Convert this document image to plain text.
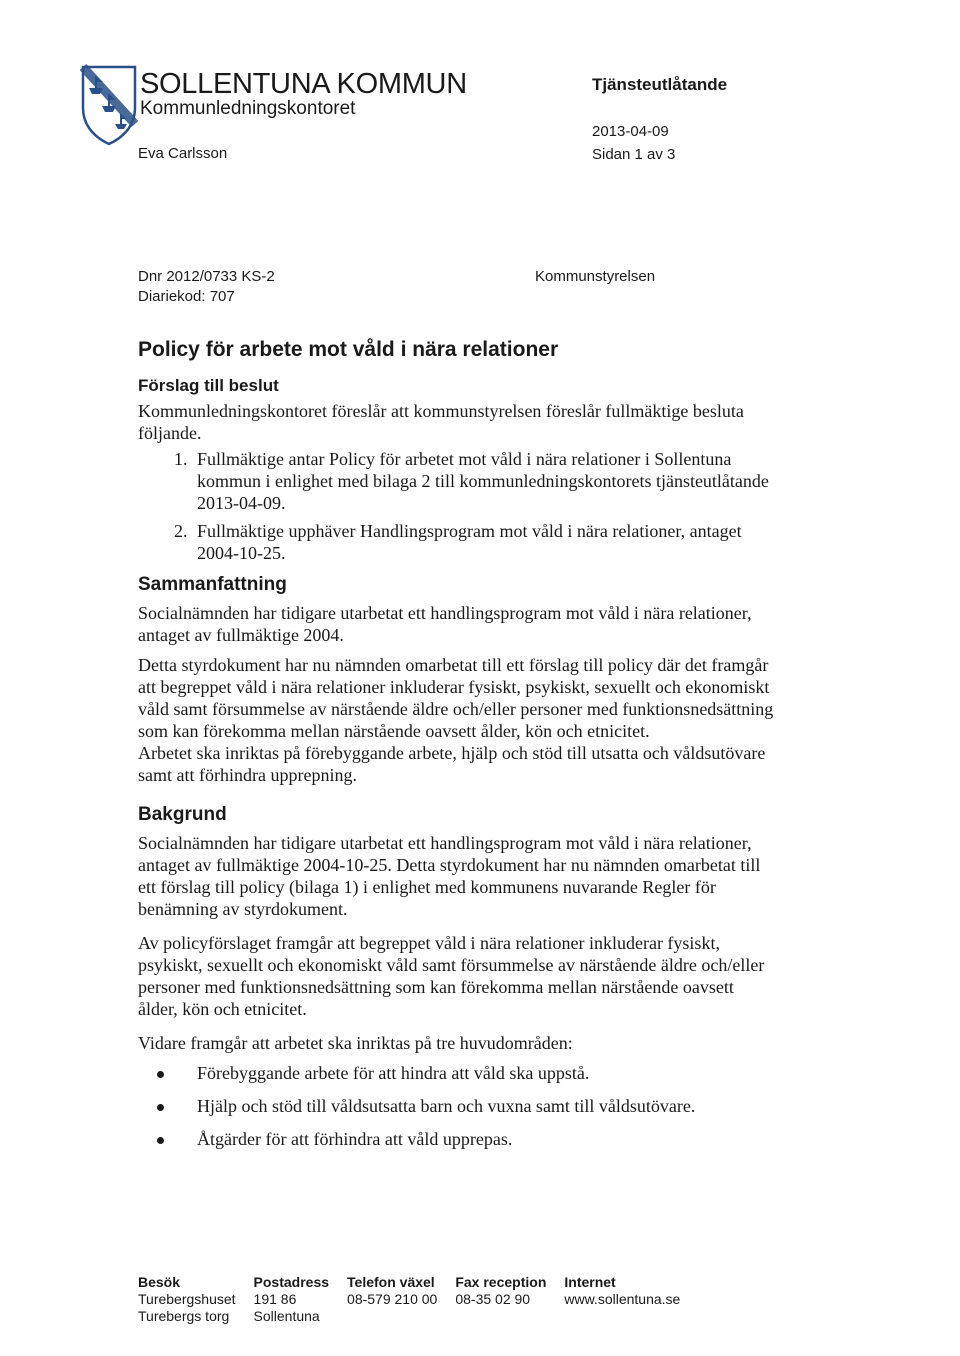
SOLLENTUNA KOMMUN
Kommunledningskontoret
Eva Carlsson
Tjänsteutlåtande
2013-04-09
Sidan 1 av 3
Dnr 2012/0733 KS-2
Diariekod: 707
Kommunstyrelsen
Policy för arbete mot våld i nära relationer
Förslag till beslut

Kommunledningskontoret föreslår att kommunstyrelsen föreslår fullmäktige besluta följande.

1. Fullmäktige antar Policy för arbetet mot våld i nära relationer i Sollentuna kommun i enlighet med bilaga 2 till kommunledningskontorets tjänsteutlåtande 2013-04-09.
2. Fullmäktige upphäver Handlingsprogram mot våld i nära relationer, antaget 2004-10-25.
Sammanfattning

Socialnämnden har tidigare utarbetat ett handlingsprogram mot våld i nära relationer, antaget av fullmäktige 2004.

Detta styrdokument har nu nämnden omarbetat till ett förslag till policy där det framgår att begreppet våld i nära relationer inkluderar fysiskt, psykiskt, sexuellt och ekonomiskt våld samt försummelse av närstående äldre och/eller personer med funktionsnedsättning som kan förekomma mellan närstående oavsett ålder, kön och etnicitet.

Arbetet ska inriktas på förebyggande arbete, hjälp och stöd till utsatta och våldsutövare samt att förhindra upprepning.

Bakgrund

Socialnämnden har tidigare utarbetat ett handlingsprogram mot våld i nära relationer, antaget av fullmäktige 2004-10-25. Detta styrdokument har nu nämnden omarbetat till ett förslag till policy (bilaga 1) i enlighet med kommunens nuvarande Regler för benämning av styrdokument.

Av policyförslaget framgår att begreppet våld i nära relationer inkluderar fysiskt, psykiskt, sexuellt och ekonomiskt våld samt försummelse av närstående äldre och/eller personer med funktionsnedsättning som kan förekomma mellan närstående oavsett ålder, kön och etnicitet.

Vidare framgår att arbetet ska inriktas på tre huvudområden:

Förebyggande arbete för att hindra att våld ska uppstå.
Hjälp och stöd till våldsutsatta barn och vuxna samt till våldsutövare.
Åtgärder för att förhindra att våld upprepas.
Besök	Postadress	Telefon växel	Fax reception	Internet
Turebergshuset	191 86	08-579 210 00	08-35 02 90	www.sollentuna.se
Turebergs torg	Sollentuna			
